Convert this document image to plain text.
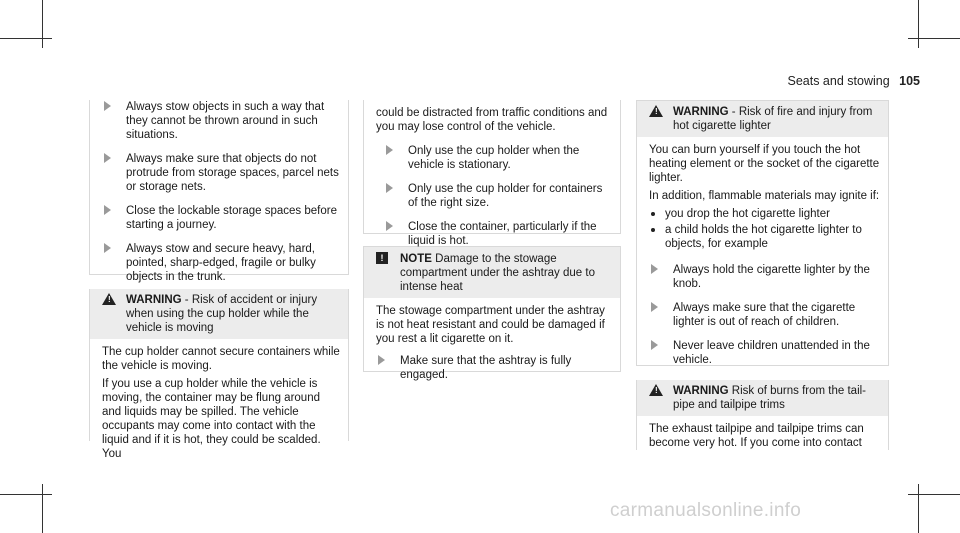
Seats and stowing 105
Always stow objects in such a way that they cannot be thrown around in such situations.
Always make sure that objects do not protrude from storage spaces, parcel nets or storage nets.
Close the lockable storage spaces before starting a journey.
Always stow and secure heavy, hard, pointed, sharp-edged, fragile or bulky objects in the trunk.
! WARNING - Risk of accident or injury when using the cup holder while the vehicle is moving

The cup holder cannot secure containers while the vehicle is moving.

If you use a cup holder while the vehicle is moving, the container may be flung around and liquids may be spilled. The vehicle occupants may come into contact with the liquid and if it is hot, they could be scalded. You

could be distracted from traffic conditions and you may lose control of the vehicle.

Only use the cup holder when the vehicle is stationary.
Only use the cup holder for containers of the right size.
Close the container, particularly if the liquid is hot.
!	NOTE Damage to the stowage compartment under the ashtray due to intense heat

The stowage compartment under the ashtray is not heat resistant and could be damaged if you rest a lit cigarette on it.

Make sure that the ashtray is fully engaged.
! WARNING - Risk of fire and injury from hot cigarette lighter

You can burn yourself if you touch the hot heating element or the socket of the cigarette lighter.

In addition, flammable materials may ignite if:

you drop the hot cigarette lighter
a child holds the hot cigarette lighter to objects, for example
Always hold the cigarette lighter by the knob.
Always make sure that the cigarette lighter is out of reach of children.
Never leave children unattended in the vehicle.
! WARNING Risk of burns from the tail-pipe and tailpipe trims

The exhaust tailpipe and tailpipe trims can become very hot. If you come into contact

carmanualsonline.info
